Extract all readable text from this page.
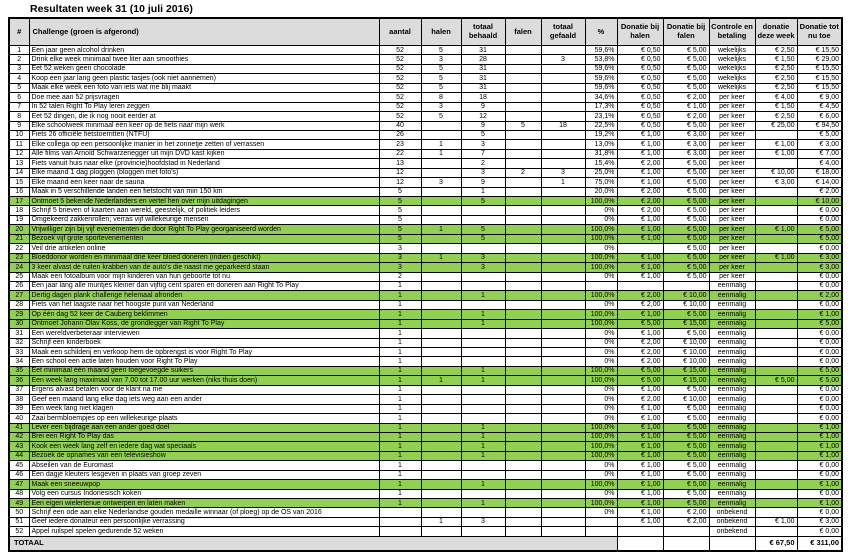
Resultaten week 31 (10 juli 2016)
#	Challenge (groen is afgerond)	aantal	halen	totaal behaald	falen	totaal gefaald	%	Donatie bij halen	Donatie bij falen	Controle en betaling	donatie deze week	Donatie tot nu toe
1	Een jaar geen alcohol drinken	52	5	31			59,6%	€ 0,50	€ 5,00	wekelijks	€ 2,50	€ 15,50
2	Drink elke week minimaal twee liter aan smoothies	52	3	28		3	53,8%	€ 0,50	€ 5,00	wekelijks	€ 1,50	€ 29,00
3	Eet 52 weken geen chocolade	52	5	31			59,6%	€ 0,50	€ 5,00	wekelijks	€ 2,50	€ 15,50
4	Koop een jaar lang geen plastic tasjes (ook niet aannemen)	52	5	31			59,6%	€ 0,50	€ 5,00	wekelijks	€ 2,50	€ 15,50
5	Maak elke week een foto van iets wat me blij maakt	52	5	31			59,6%	€ 0,50	€ 5,00	wekelijks	€ 2,50	€ 15,50
6	Doe mee aan 52 prijsvragen	52	8	18			34,6%	€ 0,50	€ 2,00	per keer	€ 4,00	€ 9,00
7	In 52 talen Right To Play leren zeggen	52	3	9			17,3%	€ 0,50	€ 1,00	per keer	€ 1,50	€ 4,50
8	Eet 52 dingen, die ik nog nooit eerder at	52	5	12			23,1%	€ 0,50	€ 2,00	per keer	€ 2,50	€ 6,00
9	Elke schoolweek minimaal één keer op de fiets naar mijn werk	40		9	5	18	22,5%	€ 0,50	€ 5,00	per keer	€ 25,00	€ 94,50
10	Fiets 26 officiële fietstoerritten (NTFU)	26		5			19,2%	€ 1,00	€ 3,00	per keer		€ 5,00
11	Elke collega op een persoonlijke manier in het zonnetje zetten of verrassen	23	1	3			13,0%	€ 1,00	€ 3,00	per keer	€ 1,00	€ 3,00
12	Alle films van Arnold Schwarzenegger uit mijn DVD kast kijken	22	1	7			31,8%	€ 1,00	€ 3,00	per keer	€ 1,00	€ 7,00
13	Fiets vanuit huis naar elke (provincie)hoofdstad in Nederland	13		2			15,4%	€ 2,00	€ 5,00	per keer		€ 4,00
14	Elke maand 1 dag ploggen (bloggen met foto's)	12		3	2	3	25,0%	€ 1,00	€ 5,00	per keer	€ 10,00	€ 18,00
15	Elke maand een keer naar de sauna	12	3	9		1	75,0%	€ 1,00	€ 5,00	per keer	€ 3,00	€ 14,00
16	Maak in 5 verschillende landen een fietstocht van min 150 km	5		1			20,0%	€ 2,00	€ 5,00	per keer		€ 2,00
17	Ontmoet 5 bekende Nederlanders en vertel hen over mijn uitdagingen	5		5			100,0%	€ 2,00	€ 5,00	per keer		€ 10,00
18	Schrijf 5 brieven of kaarten aan wereld, geestelijk, of politiek leiders	5					0%	€ 2,00	€ 5,00	per keer		€ 0,00
19	Omgekeerd zakkenrollen; verras vijf willekeurige mensen	5					0%	€ 1,00	€ 5,00	per keer		€ 0,00
20	Vrijwilliger zijn bij vijf evenementen die door Right To Play georganiseerd worden	5	1	5			100,0%	€ 1,00	€ 5,00	per keer	€ 1,00	€ 5,00
21	Bezoek vijf grote sportevenementen	5		5			100,0%	€ 1,00	€ 5,00	per keer		€ 5,00
22	Veil drie artikelen online	3					0%		€ 5,00	per keer		€ 0,00
23	Bloeddonor worden en minimaal drie keer bloed doneren (indien geschikt)	3	1	3			100,0%	€ 1,00	€ 5,00	per keer	€ 1,00	€ 3,00
24	3 keer alvast de ruiten krabben van de auto's die naast me geparkeerd staan	3		3			100,0%	€ 1,00	€ 5,00	per keer		€ 3,00
25	Maak een fotoalbum voor mijn kinderen van hun geboorte tot nu	2					0%	€ 1,00	€ 5,00	per keer		€ 0,00
26	Een jaar lang alle muntjes kleiner dan vijftig cent sparen en doneren aan Right To Play	1								eenmalig		€ 0,00
27	Dertig dagen plank challenge helemaal afronden	1		1			100,0%	€ 2,00	€ 10,00	eenmalig		€ 2,00
28	Fiets van het laagste naar het hoogste punt van Nederland	1					0%	€ 2,00	€ 10,00	eenmalig		€ 0,00
29	Op één dag 52 keer de Cauberg beklimmen	1		1			100,0%	€ 1,00	€ 5,00	eenmalig		€ 1,00
30	Ontmoet Johann Olav Koss, de grondlegger van Right To Play	1		1			100,0%	€ 5,00	€ 15,00	eenmalig		€ 5,00
31	Een wereldverbeteraar interviewen	1					0%	€ 1,00	€ 5,00	eenmalig		€ 0,00
32	Schrijf een kinderboek	1					0%	€ 2,00	€ 10,00	eenmalig		€ 0,00
33	Maak een schilderij en verkoop hem de opbrengst is voor Right To Play	1					0%	€ 2,00	€ 10,00	eenmalig		€ 0,00
34	Een school een actie laten houden voor Right To Play	1					0%	€ 2,00	€ 10,00	eenmalig		€ 0,00
35	Eet minimaal één maand geen toegevoegde suikers	1		1			100,0%	€ 5,00	€ 15,00	eenmalig		€ 5,00
36	Een week lang maximaal van 7.00 tot 17.00 uur werken (niks thuis doen)	1	1	1			100,0%	€ 5,00	€ 15,00	eenmalig	€ 5,00	€ 5,00
37	Ergens alvast betalen voor de klant na me	1					0%	€ 1,00	€ 5,00	eenmalig		€ 0,00
38	Geef een maand lang elke dag iets weg aan een ander	1					0%	€ 2,00	€ 10,00	eenmalig		€ 0,00
39	Een week lang niet klagen	1					0%	€ 1,00	€ 5,00	eenmalig		€ 0,00
40	Zaai bermbloempjes op een willekeurige plaats	1					0%	€ 1,00	€ 5,00	eenmalig		€ 0,00
41	Lever een bijdrage aan een ander goed doel	1		1			100,0%	€ 1,00	€ 5,00	eenmalig		€ 1,00
42	Brei een Right To Play das	1		1			100,0%	€ 1,00	€ 5,00	eenmalig		€ 1,00
43	Kook een week lang zelf en iedere dag wat speciaals	1		1			100,0%	€ 1,00	€ 5,00	eenmalig		€ 1,00
44	Bezoek de opnames van een televisieshow	1		1			100,0%	€ 1,00	€ 5,00	eenmalig		€ 1,00
45	Abseilen van de Euromast	1					0%	€ 1,00	€ 5,00	eenmalig		€ 0,00
46	Een dagje kleuters lesgeven in plaats van groep zeven	1					0%	€ 1,00	€ 5,00	eenmalig		€ 0,00
47	Maak een sneeuwpop	1		1			100,0%	€ 1,00	€ 5,00	eenmalig		€ 1,00
48	Volg een cursus Indonesisch koken	1					0%	€ 1,00	€ 5,00	eenmalig		€ 0,00
49	Een eigen wielertenue ontwerpen en laten maken	1		1			100,0%	€ 1,00	€ 5,00	eenmalig		€ 1,00
50	Schrijf een ode aan elke Nederlandse gouden medaille winnaar (of ploeg) op de OS van 2016						0%	€ 1,00	€ 2,00	onbekend		€ 0,00
51	Geef iedere donateur een persoonlijke verrassing		1	3				€ 1,00	€ 2,00	onbekend	€ 1,00	€ 3,00
52	Appel ruilspel spelen gedurende 52 weken									onbekend		€ 0,00
TOTAAL											€ 67,50	€ 311,00
